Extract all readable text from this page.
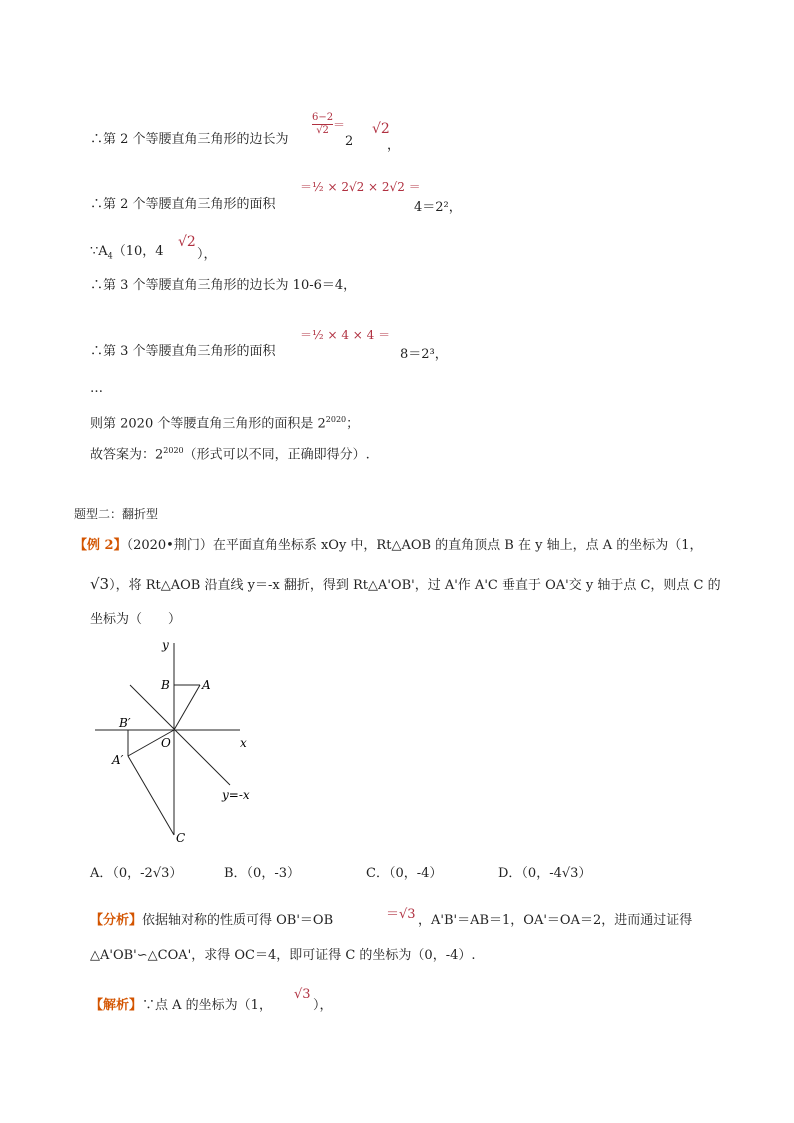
∴第 2 个等腰直角三角形的边长为
$\frac{6-2}{√2}$ ＝
2
√2
，
∴第 2 个等腰直角三角形的面积
＝½ × 2√2 × 2√2 ＝
4＝2²，
$\because A_4(10$，4
√2
），
∴第 3 个等腰直角三角形的边长为 10-6＝4，
∴第 3 个等腰直角三角形的面积
＝½ × 4 × 4 ＝
8＝2³，
…
则第 2020 个等腰直角三角形的面积是 $2^{2020}$；
故答案为：$2^{2020}$（形式可以不同，正确即得分）.
题型二：翻折型
【例 2】（2020•荆门）在平面直角坐标系 xOy 中，Rt△AOB 的直角顶点 B 在 y 轴上，点 A 的坐标为（1，
√3），将 Rt△AOB 沿直线 y＝-x 翻折，得到 Rt△A'OB'，过 A'作 A'C 垂直于 OA'交 y 轴于点 C，则点 C 的
坐标为（　　）
y
x
B	A
B′
O
A′
y=-x
C
A．（0，-2√3）	B．（0，-3）	C．（0，-4）	D．（0，-4√3）
【分析】依据轴对称的性质可得 OB'＝OB	＝√3 ，A'B'＝AB＝1，OA'＝OA＝2，进而通过证得
△A'OB'∽△COA'，求得 OC＝4，即可证得 C 的坐标为（0，-4）.
【解析】∵点 A 的坐标为（1，
√3
），
